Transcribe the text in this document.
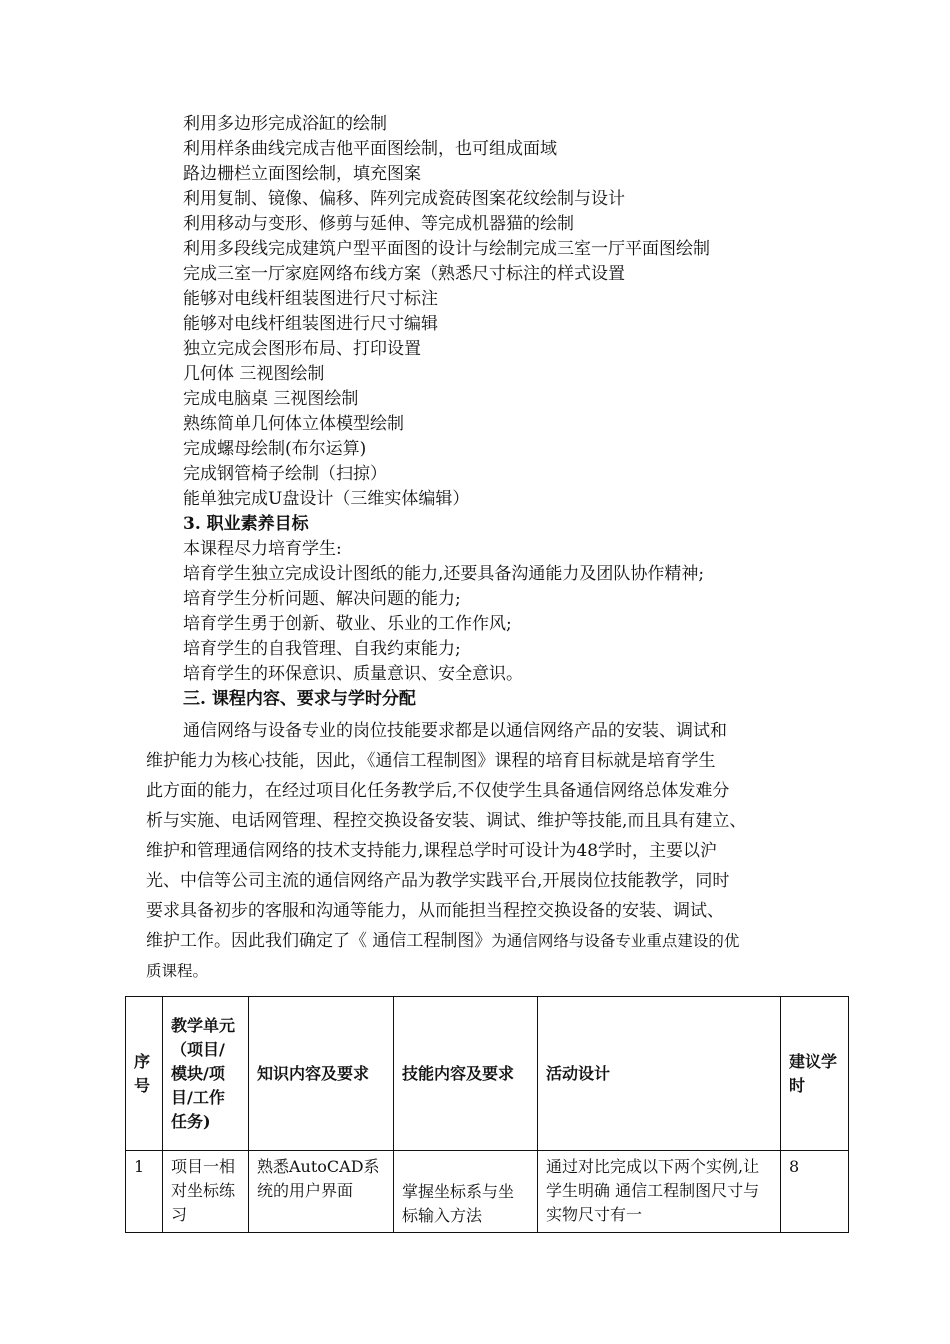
利用多边形完成浴缸的绘制
利用样条曲线完成吉他平面图绘制，也可组成面域
路边栅栏立面图绘制，填充图案
利用复制、镜像、偏移、阵列完成瓷砖图案花纹绘制与设计
利用移动与变形、修剪与延伸、等完成机器猫的绘制
利用多段线完成建筑户型平面图的设计与绘制完成三室一厅平面图绘制
完成三室一厅家庭网络布线方案（熟悉尺寸标注的样式设置
能够对电线杆组装图进行尺寸标注
能够对电线杆组装图进行尺寸编辑
独立完成会图形布局、打印设置
几何体 三视图绘制
完成电脑桌 三视图绘制
熟练简单几何体立体模型绘制
完成螺母绘制(布尔运算)
完成钢管椅子绘制（扫掠）
能单独完成U盘设计（三维实体编辑）
3. 职业素养目标
本课程尽力培育学生:
培育学生独立完成设计图纸的能力,还要具备沟通能力及团队协作精神;
培育学生分析问题、解决问题的能力;
培育学生勇于创新、敬业、乐业的工作作风;
培育学生的自我管理、自我约束能力;
培育学生的环保意识、质量意识、安全意识。
三. 课程内容、要求与学时分配
通信网络与设备专业的岗位技能要求都是以通信网络产品的安装、调试和
维护能力为核心技能，因此，《通信工程制图》课程的培育目标就是培育学生
此方面的能力，在经过项目化任务教学后,不仅使学生具备通信网络总体发难分
析与实施、电话网管理、程控交换设备安装、调试、维护等技能,而且具有建立、
维护和管理通信网络的技术支持能力,课程总学时可设计为48学时，主要以沪
光、中信等公司主流的通信网络产品为教学实践平台,开展岗位技能教学，同时
要求具备初步的客服和沟通等能力，从而能担当程控交换设备的安装、调试、
维护工作。因此我们确定了《 通信工程制图》为通信网络与设备专业重点建设的优
质课程。
序号	教学单元（项目/模块/项目/工作任务)	知识内容及要求	技能内容及要求	活动设计	建议学时
1	项目一相对坐标练习	熟悉AutoCAD系统的用户界面	掌握坐标系与坐标输入方法	通过对比完成以下两个实例,让学生明确 通信工程制图尺寸与实物尺寸有一	8
